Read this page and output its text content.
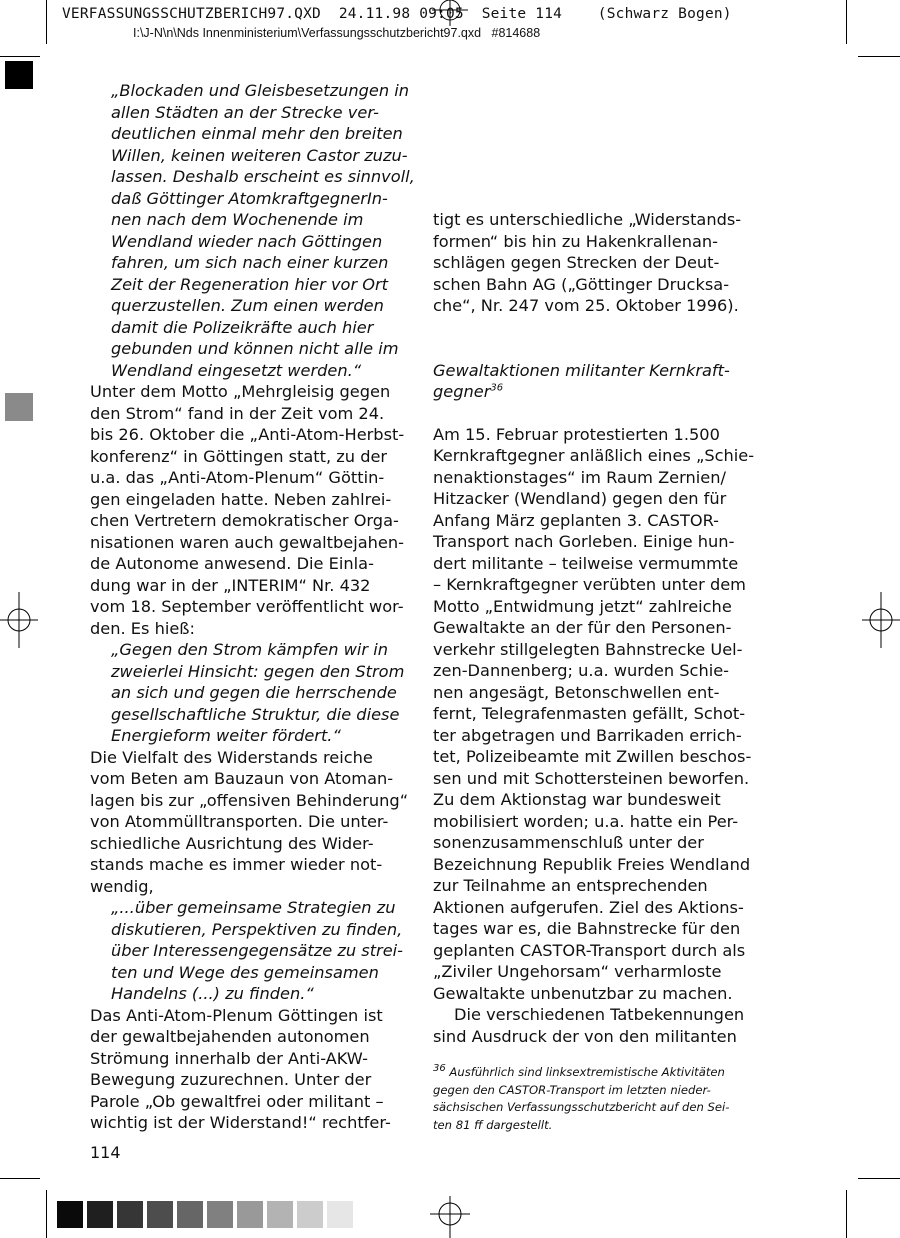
VERFASSUNGSSCHUTZBERICH97.QXD  24.11.98 09:05  Seite 114    (Schwarz Bogen)

I:\J-N\n\Nds Innenministerium\Verfassungsschutzbericht97.qxd   #814688

„Blockaden und Gleisbesetzungen in

allen Städten an der Strecke ver-

deutlichen einmal mehr den breiten

Willen, keinen weiteren Castor zuzu-

lassen. Deshalb erscheint es sinnvoll,

daß Göttinger AtomkraftgegnerIn-

nen nach dem Wochenende im

Wendland wieder nach Göttingen

fahren, um sich nach einer kurzen

Zeit der Regeneration hier vor Ort

querzustellen. Zum einen werden

damit die Polizeikräfte auch hier

gebunden und können nicht alle im

Wendland eingesetzt werden.“

Unter dem Motto „Mehrgleisig gegen

den Strom“ fand in der Zeit vom 24.

bis 26. Oktober die „Anti-Atom-Herbst-

konferenz“ in Göttingen statt, zu der

u.a. das „Anti-Atom-Plenum“ Göttin-

gen eingeladen hatte. Neben zahlrei-

chen Vertretern demokratischer Orga-

nisationen waren auch gewaltbejahen-

de Autonome anwesend. Die Einla-

dung war in der „INTERIM“ Nr. 432

vom 18. September veröffentlicht wor-

den. Es hieß:

„Gegen den Strom kämpfen wir in

zweierlei Hinsicht: gegen den Strom

an sich und gegen die herrschende

gesellschaftliche Struktur, die diese

Energieform weiter fördert.“

Die Vielfalt des Widerstands reiche

vom Beten am Bauzaun von Atoman-

lagen bis zur „offensiven Behinderung“

von Atommülltransporten. Die unter-

schiedliche Ausrichtung des Wider-

stands mache es immer wieder not-

wendig,

„...über gemeinsame Strategien zu

diskutieren, Perspektiven zu finden,

über Interessengegensätze zu strei-

ten und Wege des gemeinsamen

Handelns (...) zu finden.“

Das Anti-Atom-Plenum Göttingen ist

der gewaltbejahenden autonomen

Strömung innerhalb der Anti-AKW-

Bewegung zuzurechnen. Unter der

Parole „Ob gewaltfrei oder militant –

wichtig ist der Widerstand!“ rechtfer-

tigt es unterschiedliche „Widerstands-

formen“ bis hin zu Hakenkrallenan-

schlägen gegen Strecken der Deut-

schen Bahn AG („Göttinger Drucksa-

che“, Nr. 247 vom 25. Oktober 1996).

Gewaltaktionen militanter Kernkraft-

gegner$^{36}$

Am 15. Februar protestierten 1.500

Kernkraftgegner anläßlich eines „Schie-

nenaktionstages“ im Raum Zernien/

Hitzacker (Wendland) gegen den für

Anfang März geplanten 3. CASTOR-

Transport nach Gorleben. Einige hun-

dert militante – teilweise vermummte

– Kernkraftgegner verübten unter dem

Motto „Entwidmung jetzt“ zahlreiche

Gewaltakte an der für den Personen-

verkehr stillgelegten Bahnstrecke Uel-

zen-Dannenberg; u.a. wurden Schie-

nen angesägt, Betonschwellen ent-

fernt, Telegrafenmasten gefällt, Schot-

ter abgetragen und Barrikaden errich-

tet, Polizeibeamte mit Zwillen beschos-

sen und mit Schottersteinen beworfen.

Zu dem Aktionstag war bundesweit

mobilisiert worden; u.a. hatte ein Per-

sonenzusammenschluß unter der

Bezeichnung Republik Freies Wendland

zur Teilnahme an entsprechenden

Aktionen aufgerufen. Ziel des Aktions-

tages war es, die Bahnstrecke für den

geplanten CASTOR-Transport durch als

„Ziviler Ungehorsam“ verharmloste

Gewaltakte unbenutzbar zu machen.

Die verschiedenen Tatbekennungen

sind Ausdruck der von den militanten

$^{36}$ Ausführlich sind linksextremistische Aktivitäten

gegen den CASTOR-Transport im letzten nieder-

sächsischen Verfassungsschutzbericht auf den Sei-

ten 81 ff dargestellt.

114
